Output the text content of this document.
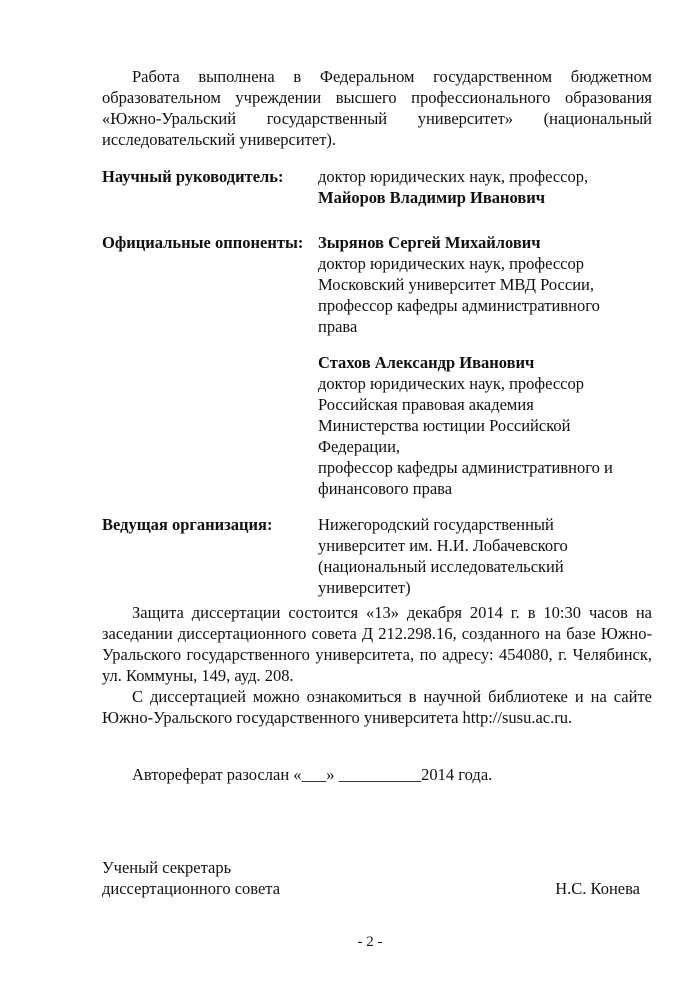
Работа выполнена в Федеральном государственном бюджетном образовательном учреждении высшего профессионального образования «Южно-Уральский государственный университет» (национальный исследовательский университет).
Научный руководитель: доктор юридических наук, профессор,
Майоров Владимир Иванович
Официальные оппоненты: Зырянов Сергей Михайлович
доктор юридических наук, профессор
Московский университет МВД России,
профессор кафедры административного
права
Стахов Александр Иванович
доктор юридических наук, профессор
Российская правовая академия
Министерства юстиции Российской
Федерации,
профессор кафедры административного и
финансового права
Ведущая организация:	Нижегородский государственный
университет им. Н.И. Лобачевского
(национальный исследовательский
университет)

Защита диссертации состоится «13» декабря 2014 г. в 10:30 часов на заседании диссертационного совета Д 212.298.16, созданного на базе Южно-Уральского государственного университета, по адресу: 454080, г. Челябинск, ул. Коммуны, 149, ауд. 208.

С диссертацией можно ознакомиться в научной библиотеке и на сайте Южно-Уральского государственного университета http://susu.ac.ru.

Автореферат разослан «___» __________2014 года.
Ученый секретарь
диссертационного совета	Н.С. Конева
- 2 -
